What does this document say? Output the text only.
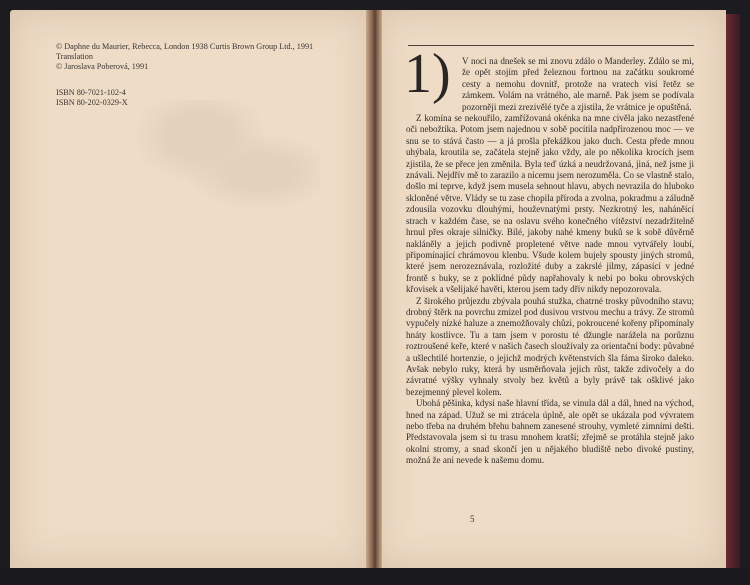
© Daphne du Maurier, Rebecca, London 1938 Curtis Brown Group Ltd., 1991
Translation
© Jaroslava Poberová, 1991
ISBN 80-7021-102-4
ISBN 80-202-0329-X	1)	V noci na dnešek se mi znovu zdálo o Manderley. Zdálo se mi, že opět stojím před železnou fortnou na začátku soukromé cesty a nemohu dovnitř, protože na vratech visí řetěz se zámkem. Volám na vrátného, ale marně. Pak jsem se podívala pozorněji mezi zrezivělé tyče a zjistila, že vrátnice je opuštěná.

Z komína se nekouřilo, zamřížovaná okénka na mne civěla jako nezastřené oči nebožtíka. Potom jsem najednou v sobě pocítila nadpřirozenou moc — ve snu se to stává často — a já prošla překážkou jako duch. Cesta přede mnou uhýbala, kroutila se, začátela stejně jako vždy, ale po několika krocích jsem zjistila, že se přece jen změnila. Byla teď úzká a neudržovaná, jiná, než jsme ji znávali. Nejdřív mě to zarazilo a nicemu jsem nerozuměla. Co se vlastně stalo, došlo mi teprve, když jsem musela sehnout hlavu, abych nevrazila do hluboko skloněné větve. Vlády se tu zase chopila příroda a zvolna, pokradmu a záludně zdousila vozovku dlouhými, houževnatými prsty. Nezkrotný les, naháněící strach v každém čase, se na oslavu svého konečného vítězství nezadržitelně hrnul přes okraje silničky. Bílé, jakoby nahé kmeny buků se k sobě důvěrně nakláněly a jejich podivně propletené větve nade mnou vytvářely loubí, připomínající chrámovou klenbu. Všude kolem bujely spousty jiných stromů, které jsem nerozeznávala, rozložité duby a zakrslé jilmy, zápasící v jedné frontě s buky, se z poklidné půdy napřahovaly k nebi po boku obrovských křovisek a všelijaké havěti, kterou jsem tady dřív nikdy nepozorovala.

Z širokého průjezdu zbývala pouhá stužka, chatrné trosky původního stavu; drobný štěrk na povrchu zmizel pod dusivou vrstvou mechu a trávy. Ze stromů vypučely nízké haluze a znemožňovaly chůzi, pokroucené kořeny připomínaly hnáty kostlivce. Tu a tam jsem v porostu té džungle narážela na porůznu roztroušené keře, které v našich časech sloužívaly za orientační body: půvabné a ušlechtilé hortenzie, o jejichž modrých květenstvích šla fáma široko daleko. Avšak nebylo ruky, která by usměrňovala jejich růst, takže zdivočely a do závratné výšky vyhnaly stvoly bez květů a byly právě tak ošklivé jako bezejmenný plevel kolem.

Ubohá pěšinka, kdysi naše hlavní třída, se vinula dál a dál, hned na východ, hned na západ. Užuž se mi ztrácela úplně, ale opět se ukázala pod vývratem nebo třeba na druhém břehu bahnem zanesené strouhy, vymleté zimními dešti. Představovala jsem si tu trasu mnohem kratší; zřejmě se protáhla stejně jako okolní stromy, a snad skončí jen u nějakého bludiště nebo divoké pustiny, možná že ani nevede k našemu domu.

5
